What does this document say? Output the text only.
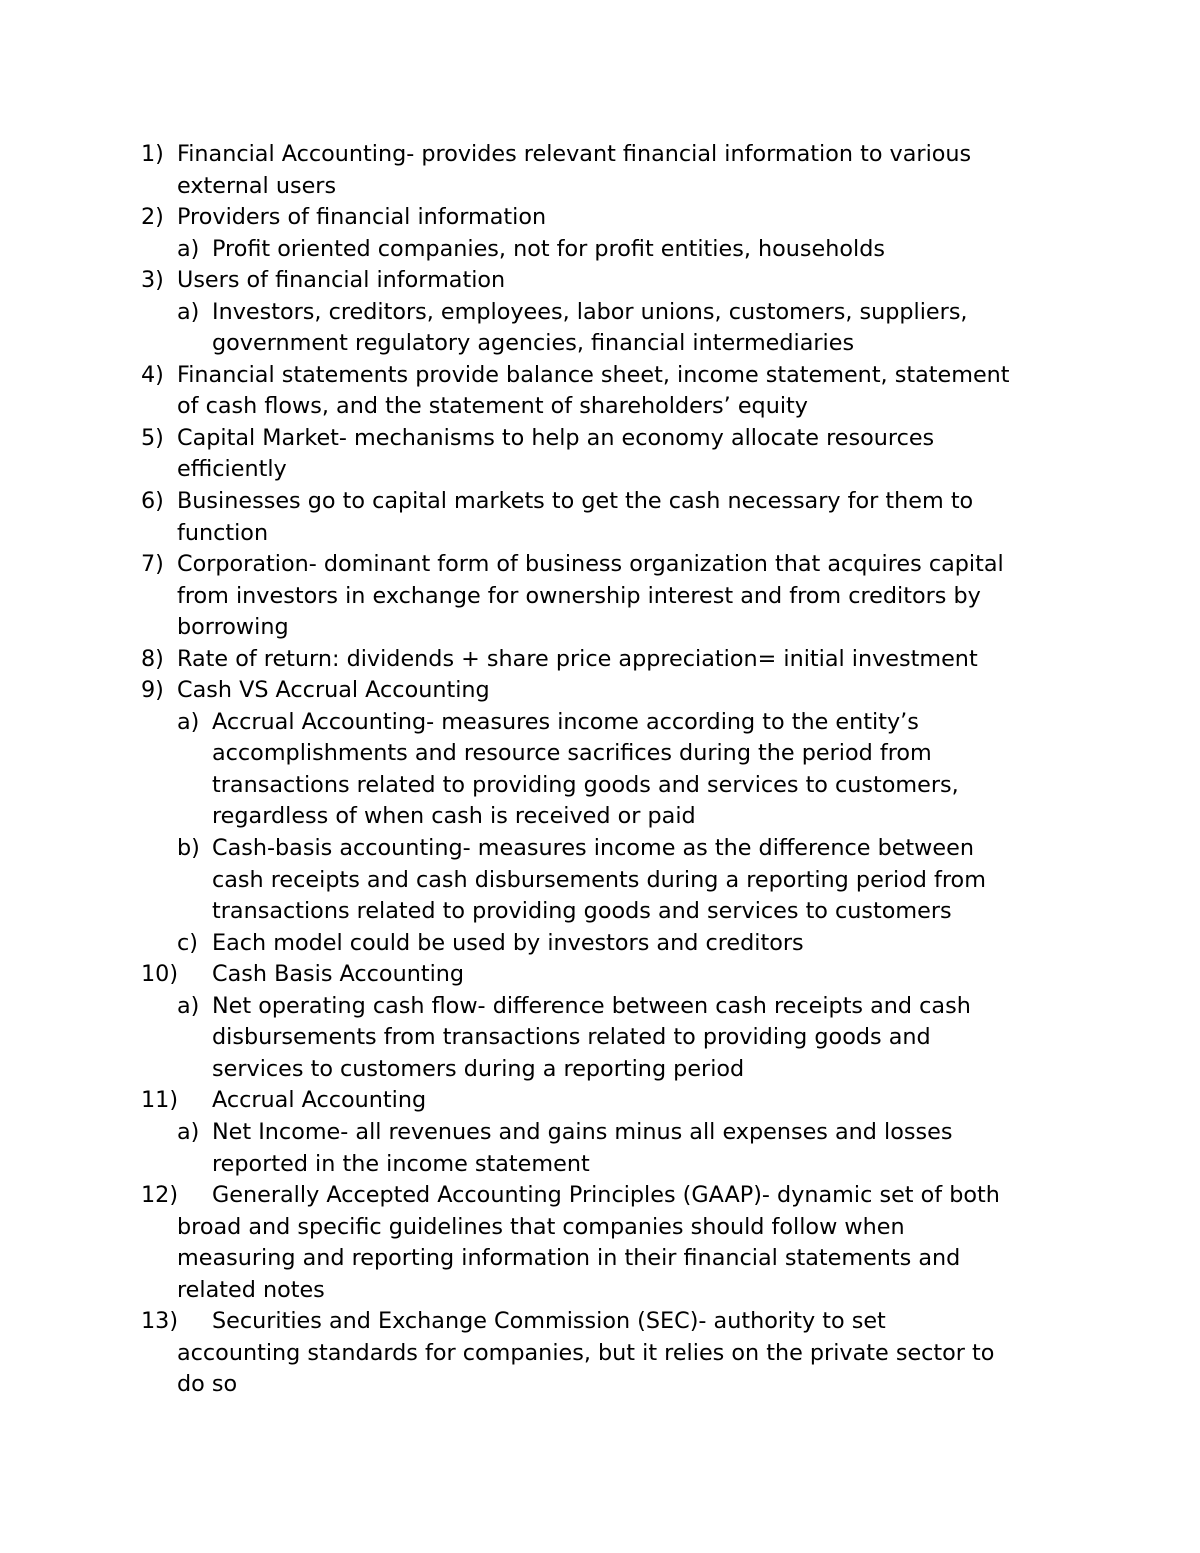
1) Financial Accounting- provides relevant financial information to various
external users
2) Providers of financial information
a) Profit oriented companies, not for profit entities, households
3) Users of financial information
a) Investors, creditors, employees, labor unions, customers, suppliers,
government regulatory agencies, financial intermediaries
4) Financial statements provide balance sheet, income statement, statement
of cash flows, and the statement of shareholders’ equity
5) Capital Market- mechanisms to help an economy allocate resources
efficiently
6) Businesses go to capital markets to get the cash necessary for them to
function
7) Corporation- dominant form of business organization that acquires capital
from investors in exchange for ownership interest and from creditors by
borrowing
8) Rate of return: dividends + share price appreciation= initial investment
9) Cash VS Accrual Accounting
a) Accrual Accounting- measures income according to the entity’s
accomplishments and resource sacrifices during the period from
transactions related to providing goods and services to customers,
regardless of when cash is received or paid
b) Cash-basis accounting- measures income as the difference between
cash receipts and cash disbursements during a reporting period from
transactions related to providing goods and services to customers
c) Each model could be used by investors and creditors
10) Cash Basis Accounting
a) Net operating cash flow- difference between cash receipts and cash
disbursements from transactions related to providing goods and
services to customers during a reporting period
11) Accrual Accounting
a) Net Income- all revenues and gains minus all expenses and losses
reported in the income statement
12) Generally Accepted Accounting Principles (GAAP)- dynamic set of both
broad and specific guidelines that companies should follow when
measuring and reporting information in their financial statements and
related notes
13) Securities and Exchange Commission (SEC)- authority to set
accounting standards for companies, but it relies on the private sector to
do so
